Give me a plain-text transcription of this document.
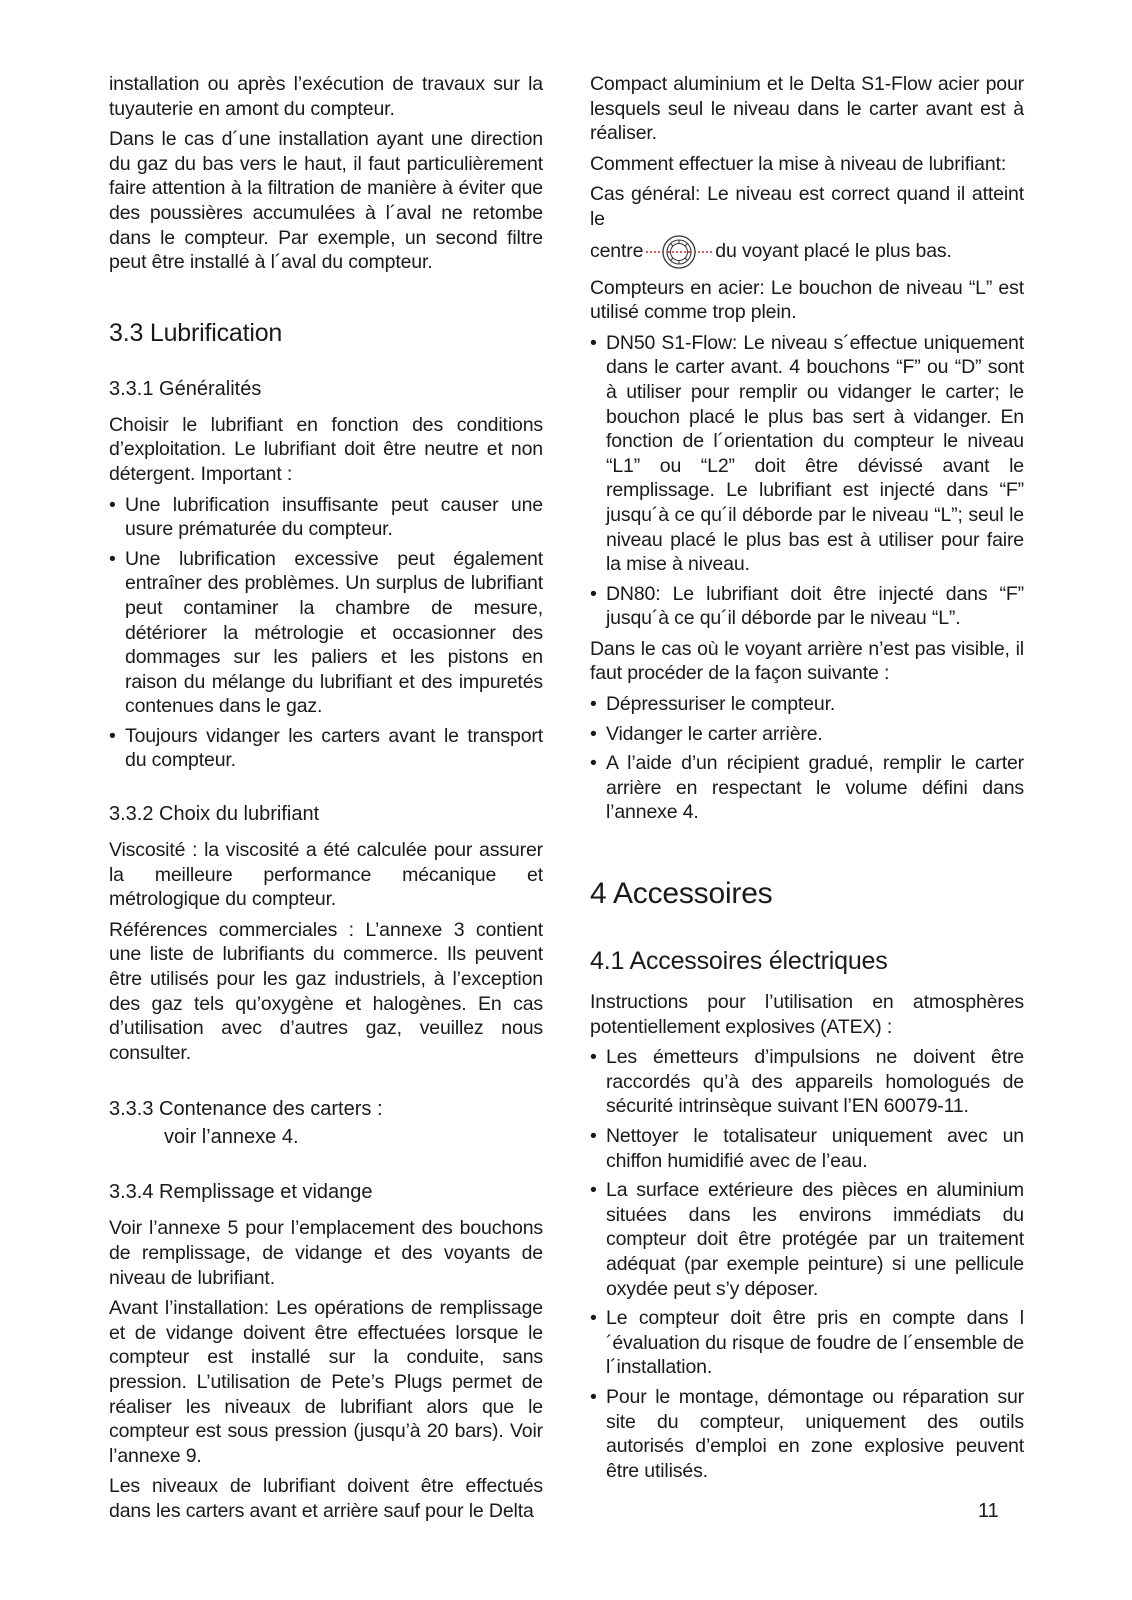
installation ou après l’exécution de travaux sur la tuyauterie en amont du compteur.

Dans le cas d´une installation ayant une direction du gaz du bas vers le haut, il faut particulièrement faire attention à la filtration de manière à éviter que des poussières accumulées à l´aval ne retombe dans le compteur. Par exemple, un second filtre peut être installé à l´aval du compteur.

3.3 Lubrification
3.3.1 Généralités

Choisir le lubrifiant en fonction des conditions d’exploitation. Le lubrifiant doit être neutre et non détergent. Important :

• Une lubrification insuffisante peut causer une usure prématurée du compteur.
• Une lubrification excessive peut également entraîner des problèmes. Un surplus de lubrifiant peut contaminer la chambre de mesure, détériorer la métrologie et occasionner des dommages sur les paliers et les pistons en raison du mélange du lubrifiant et des impuretés contenues dans le gaz.
• Toujours vidanger les carters avant le transport du compteur.
3.3.2 Choix du lubrifiant

Viscosité : la viscosité a été calculée pour assurer la meilleure performance mécanique et métrologique du compteur.

Références commerciales : L’annexe 3 contient une liste de lubrifiants du commerce. Ils peuvent être utilisés pour les gaz industriels, à l’exception des gaz tels qu’oxygène et halogènes. En cas d’utilisation avec d’autres gaz, veuillez nous consulter.

3.3.3 Contenance des carters :
voir l’annexe 4.
3.3.4 Remplissage et vidange

Voir l’annexe 5 pour l’emplacement des bouchons de remplissage, de vidange et des voyants de niveau de lubrifiant.

Avant l’installation: Les opérations de remplissage et de vidange doivent être effectuées lorsque le compteur est installé sur la conduite, sans pression. L’utilisation de Pete’s Plugs permet de réaliser les niveaux de lubrifiant alors que le compteur est sous pression (jusqu’à 20 bars). Voir l’annexe 9.

Les niveaux de lubrifiant doivent être effectués dans les carters avant et arrière sauf pour le Delta

Compact aluminium et le Delta S1-Flow acier pour lesquels seul le niveau dans le carter avant est à réaliser.

Comment effectuer la mise à niveau de lubrifiant:

Cas général: Le niveau est correct quand il atteint le

centre	du voyant placé le plus bas.

Compteurs en acier: Le bouchon de niveau “L” est utilisé comme trop plein.

• DN50 S1-Flow: Le niveau s´effectue uniquement dans le carter avant. 4 bouchons “F” ou “D” sont à utiliser pour remplir ou vidanger le carter; le bouchon placé le plus bas sert à vidanger. En fonction de l´orientation du compteur le niveau “L1” ou “L2” doit être dévissé avant le remplissage. Le lubrifiant est injecté dans “F” jusqu´à ce qu´il déborde par le niveau “L”; seul le niveau placé le plus bas est à utiliser pour faire la mise à niveau.
• DN80: Le lubrifiant doit être injecté dans “F” jusqu´à ce qu´il déborde par le niveau “L”.

Dans le cas où le voyant arrière n’est pas visible, il faut procéder de la façon suivante :

• Dépressuriser le compteur.
• Vidanger le carter arrière.
• A l’aide d’un récipient gradué, remplir le carter arrière en respectant le volume défini dans l’annexe 4.
4 Accessoires
4.1 Accessoires électriques

Instructions pour l’utilisation en atmosphères potentiellement explosives (ATEX) :

• Les émetteurs d’impulsions ne doivent être raccordés qu’à des appareils homologués de sécurité intrinsèque suivant l’EN 60079-11.
• Nettoyer le totalisateur uniquement avec un chiffon humidifié avec de l’eau.
• La surface extérieure des pièces en aluminium situées dans les environs immédiats du compteur doit être protégée par un traitement adéquat (par exemple peinture) si une pellicule oxydée peut s’y déposer.
• Le compteur doit être pris en compte dans l´évaluation du risque de foudre de l´ensemble de l´installation.
• Pour le montage, démontage ou réparation sur site du compteur, uniquement des outils autorisés d’emploi en zone explosive peuvent être utilisés.
11
